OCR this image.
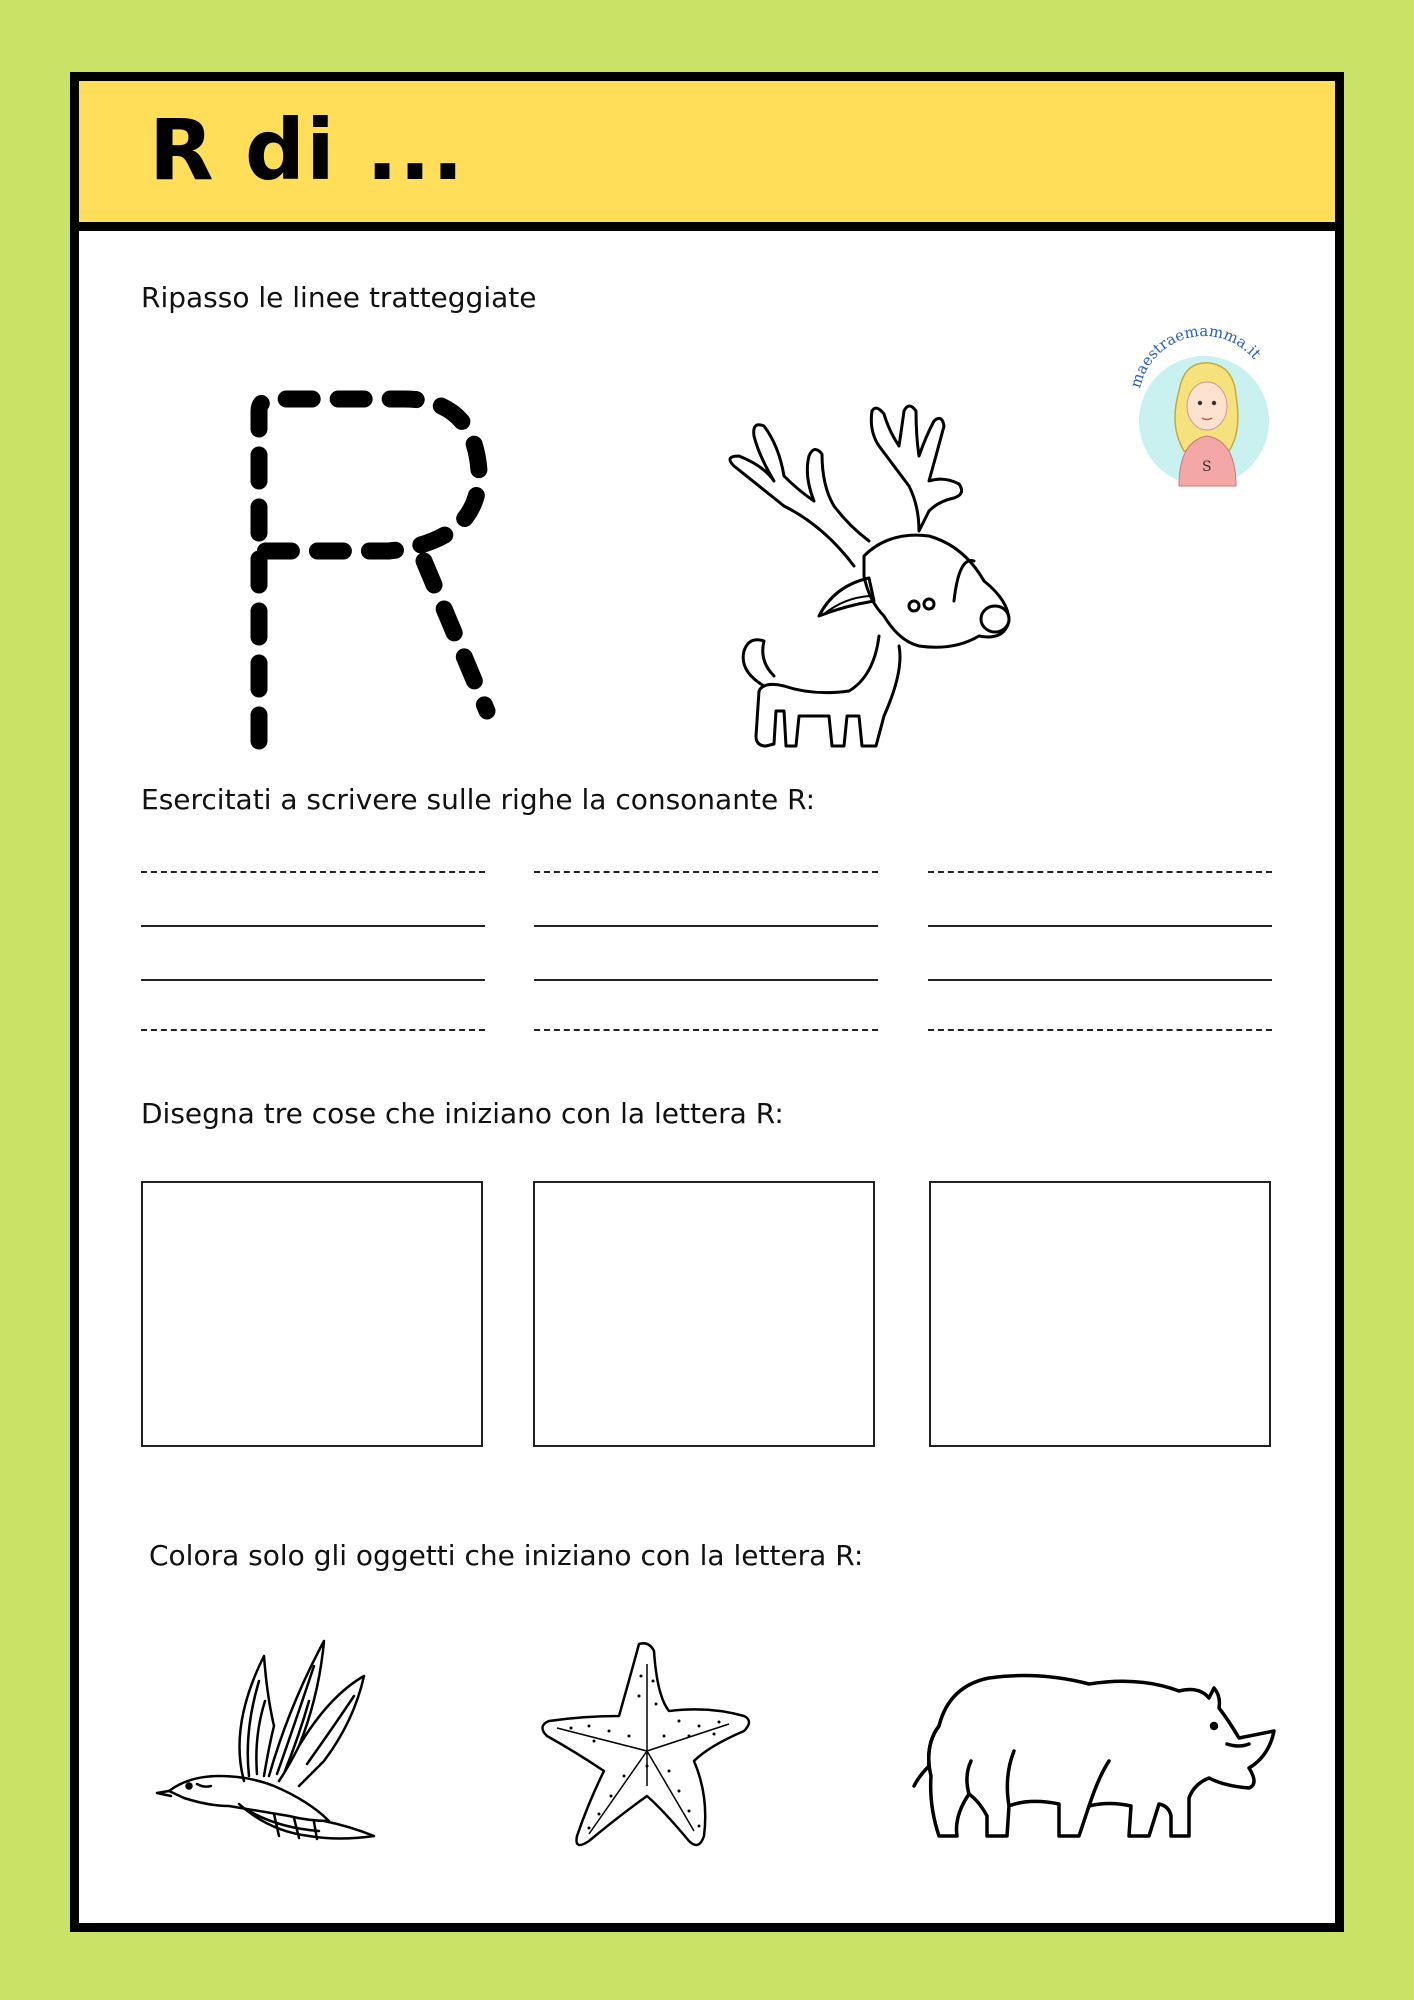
R di ...
Ripasso le linee tratteggiate
maestraemamma.it
S
Esercitati a scrivere sulle righe la consonante R:
Disegna tre cose che iniziano con la lettera R:
Colora solo gli oggetti che iniziano con la lettera R:
